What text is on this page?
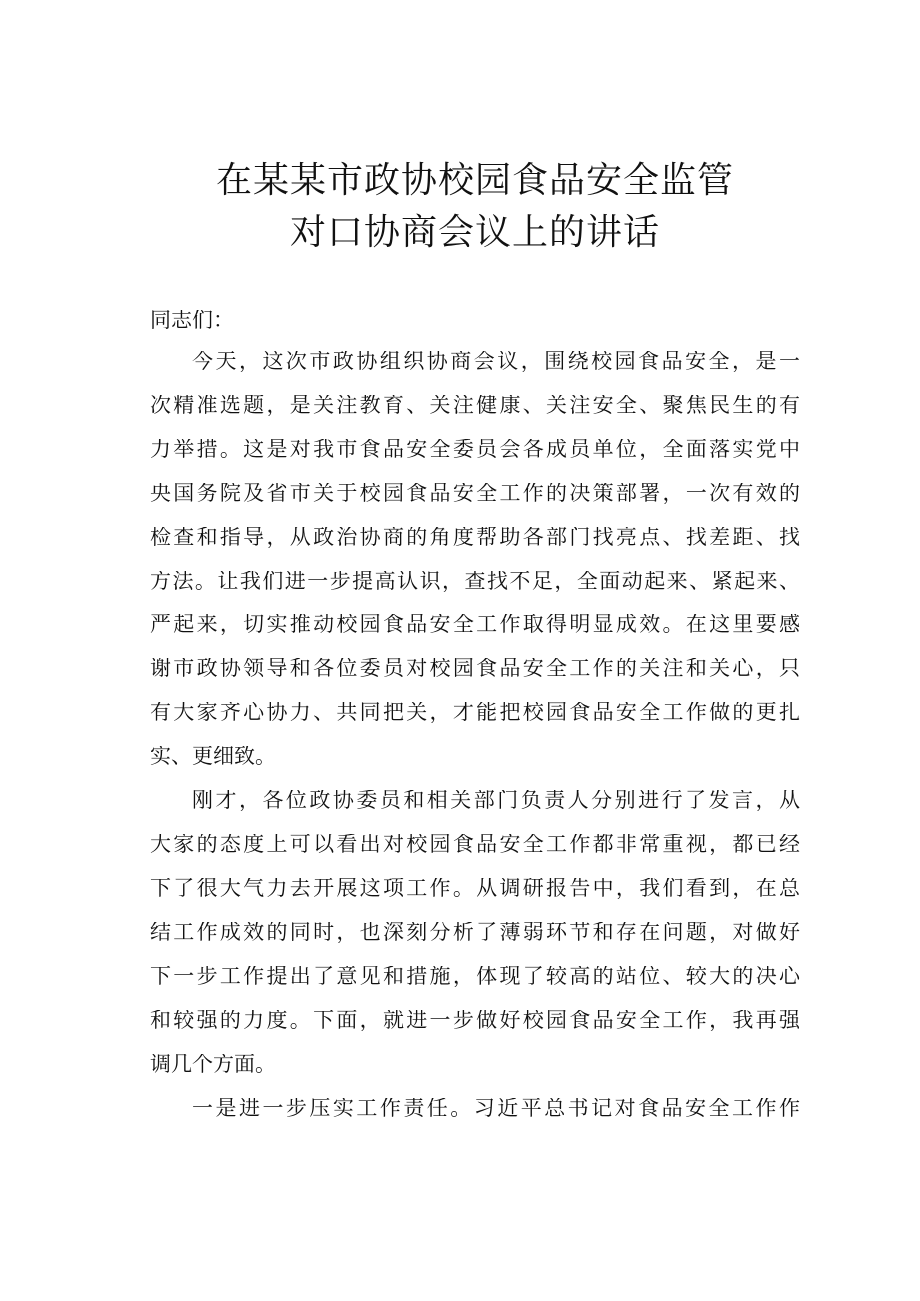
在某某市政协校园食品安全监管
对口协商会议上的讲话
同志们：
今天，这次市政协组织协商会议，围绕校园食品安全，是一
次精准选题，是关注教育、关注健康、关注安全、聚焦民生的有
力举措。这是对我市食品安全委员会各成员单位，全面落实党中
央国务院及省市关于校园食品安全工作的决策部署，一次有效的
检查和指导，从政治协商的角度帮助各部门找亮点、找差距、找
方法。让我们进一步提高认识，查找不足，全面动起来、紧起来、
严起来，切实推动校园食品安全工作取得明显成效。在这里要感
谢市政协领导和各位委员对校园食品安全工作的关注和关心，只
有大家齐心协力、共同把关，才能把校园食品安全工作做的更扎
实、更细致。
刚才，各位政协委员和相关部门负责人分别进行了发言，从
大家的态度上可以看出对校园食品安全工作都非常重视，都已经
下了很大气力去开展这项工作。从调研报告中，我们看到，在总
结工作成效的同时，也深刻分析了薄弱环节和存在问题，对做好
下一步工作提出了意见和措施，体现了较高的站位、较大的决心
和较强的力度。下面，就进一步做好校园食品安全工作，我再强
调几个方面。
一是进一步压实工作责任。习近平总书记对食品安全工作作
